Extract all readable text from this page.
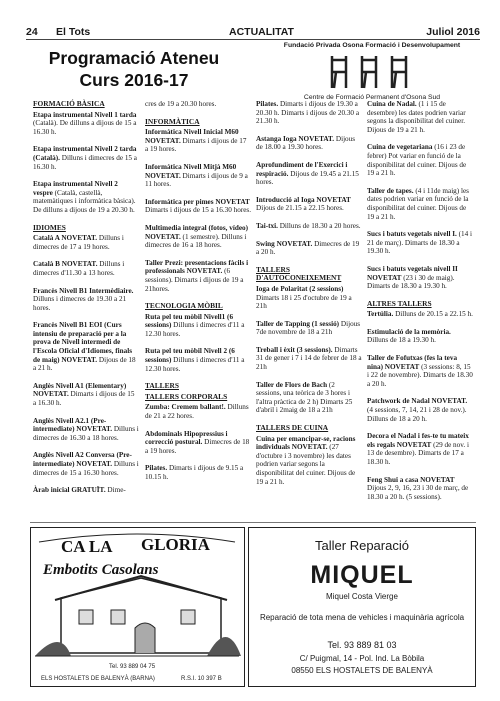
24 El Tots	ACTUALITAT	Juliol 2016
Programació Ateneu
Curs 2016-17
Fundació Privada Osona Formació i Desenvolupament
Centre de Formació Permanent d'Osona Sud

FORMACIÓ BÀSICA

Etapa instrumental Nivell 1 tarda (Català). De dilluns a dijous de 15 a 16.30 h.

Etapa instrumental Nivell 2 tarda (Català). Dilluns i dimecres de 15 a 16.30 h.

Etapa instrumental Nivell 2 vespre (Català, castellà, matemàtiques i informàtica bàsica). De dilluns a dijous de 19 a 20.30 h.

IDIOMES

Català A NOVETAT. Dilluns i dimecres de 17 a 19 hores.

Català B NOVETAT. Dilluns i dimecres d'11.30 a 13 hores.

Francès Nivell B1 Intermèdiaire. Dilluns i dimecres de 19.30 a 21 hores.

Francès Nivell B1 EOI (Curs intensiu de preparació per a la prova de Nivell intermedi de l'Escola Oficial d'Idiomes, finals de maig) NOVETAT. Dijous de 18 a 21 h.

Anglès Nivell A1 (Elementary) NOVETAT. Dimarts i dijous de 15 a 16.30 h.

Anglès Nivell A2.1 (Pre-intermediate) NOVETAT. Dilluns i dimecres de 16.30 a 18 hores.

Anglès Nivell A2 Conversa (Pre-intermediate) NOVETAT. Dilluns i dimecres de 15 a 16.30 hores.

Àrab inicial GRATUÏT. Dime-

cres de 19 a 20.30 hores.

INFORMÀTICA

Informàtica Nivell Inicial M60 NOVETAT. Dimarts i dijous de 17 a 19 hores.

Informàtica Nivell Mitjà M60 NOVETAT. Dimarts i dijous de 9 a 11 hores.

Informàtica per pimes NOVETAT Dimarts i dijous de 15 a 16.30 hores.

Multimedia integral (fotos, vídeo) NOVETAT. (1 semestre). Dilluns i dimecres de 16 a 18 hores.

Taller Prezi: presentacions fàcils i professionals NOVETAT. (6 sessions). Dimarts i dijous de 19 a 21hores.

TECNOLOGIA MÒBIL

Ruta pel teu mòbil Nivell1 (6 sessions) Dilluns i dimecres d'11 a 12.30 hores.

Ruta pel teu mòbil Nivell 2 (6 sessions) Dilluns i dimecres d'11 a 12.30 hores.

TALLERS

TALLERS CORPORALS

Zumba: Cremem ballant!. Dilluns de 21 a 22 hores.

Abdominals Hipopressius i correcció postural. Dimecres de 18 a 19 hores.

Pilates. Dimarts i dijous de 9.15 a 10.15 h.

Pilates. Dimarts i dijous de 19.30 a 20.30 h. Dimarts i dijous de 20.30 a 21.30 h.

Astanga Ioga NOVETAT. Dijous de 18.00 a 19.30 hores.

Aprofundiment de l'Exercici i respiració. Dijous de 19.45 a 21.15 hores.

Introducció al Ioga NOVETAT Dijous de 21.15 a 22.15 hores.

Tai-txi. Dilluns de 18.30 a 20 hores.

Swing NOVETAT. Dimecres de 19 a 20 h.

TALLERS D'AUTOCONEIXEMENT

Ioga de Polaritat (2 sessions) Dimarts 18 i 25 d'octubre de 19 a 21h

Taller de Tapping (1 sessió) Dijous 7de novembre de 18 a 21h

Treball i èxit (3 sessions). Dimarts 31 de gener i 7 i 14 de febrer de 18 a 21h

Taller de Flors de Bach (2 sessions, una teòrica de 3 hores i l'altra pràctica de 2 h) Dimarts 25 d'abril i 2maig de 18 a 21h

TALLERS DE CUINA

Cuina per emancipar-se, racions individuals NOVETAT. (27 d'octubre i 3 novembre) les dates podrien variar segons la disponibilitat del cuiner. Dijous de 19 a 21 h.

Cuina de Nadal. (1 i 15 de desembre) les dates podrien variar segons la disponibilitat del cuiner. Dijous de 19 a 21 h.

Cuina de vegetariana (16 i 23 de febrer) Pot variar en funció de la disponibilitat del cuiner. Dijous de 19 a 21 h.

Taller de tapes. (4 i 11de maig) les dates podrien variar en funció de la disponibilitat del cuiner. Dijous de 19 a 21 h.

Sucs i batuts vegetals nivell I. (14 i 21 de març). Dimarts de 18.30 a 19.30 h.

Sucs i batuts vegetals nivell II NOVETAT (23 i 30 de maig). Dimarts de 18.30 a 19.30 h.

ALTRES TALLERS

Tertúlia. Dilluns de 20.15 a 22.15 h.

Estimulació de la memòria. Dilluns de 18 a 19.30 h.

Taller de Fofutxas (fes la teva nina) NOVETAT (3 sessions: 8, 15 i 22 de novembre). Dimarts de 18.30 a 20 h.

Patchwork de Nadal NOVETAT. (4 sessions, 7, 14, 21 i 28 de nov.). Dilluns de 18 a 20 h.

Decora el Nadal i fes-te tu mateix els regals NOVETAT (29 de nov. i 13 de desembre). Dimarts de 17 a 18.30 h.

Feng Shui a casa NOVETAT Dijous 2, 9, 16, 23 i 30 de març, de 18.30 a 20 h. (5 sessions).

CA LA GLORIA
Embotits Casolans
Tel. 93 889 04 75
ELS HOSTALETS DE BALENYÀ (BARNA)	R.S.I. 10 397 B
Taller Reparació
MIQUEL
Miquel Costa Vierge
Reparació de tota mena de vehicles i maquinària agrícola
Tel. 93 889 81 03
C/ Puigmal, 14 - Pol. Ind. La Bòbila
08550 ELS HOSTALETS DE BALENYÀ
